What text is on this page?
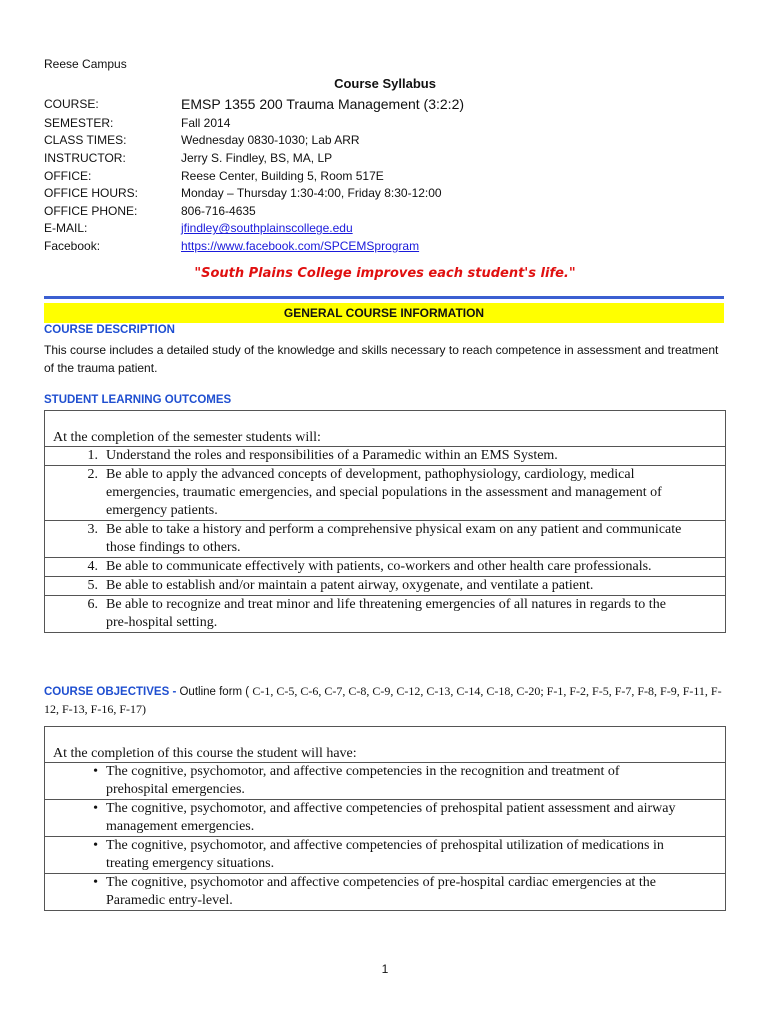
Reese Campus
Course Syllabus
COURSE:	EMSP 1355 200 Trauma Management (3:2:2)
SEMESTER:	Fall 2014
CLASS TIMES:	Wednesday 0830-1030; Lab ARR
INSTRUCTOR:	Jerry S. Findley, BS, MA, LP
OFFICE:	Reese Center, Building 5, Room 517E
OFFICE HOURS:	Monday – Thursday 1:30-4:00, Friday 8:30-12:00
OFFICE PHONE:	806-716-4635
E-MAIL:	jfindley@southplainscollege.edu
Facebook:	https://www.facebook.com/SPCEMSprogram
"South Plains College improves each student's life."
GENERAL COURSE INFORMATION
COURSE DESCRIPTION
This course includes a detailed study of the knowledge and skills necessary to reach competence in assessment and treatment of the trauma patient.
STUDENT LEARNING OUTCOMES
At the completion of the semester students will:
1. Understand the roles and responsibilities of a Paramedic within an EMS System.
2. Be able to apply the advanced concepts of development, pathophysiology, cardiology, medical emergencies, traumatic emergencies, and special populations in the assessment and management of emergency patients.
3. Be able to take a history and perform a comprehensive physical exam on any patient and communicate those findings to others.
4. Be able to communicate effectively with patients, co-workers and other health care professionals.
5. Be able to establish and/or maintain a patent airway, oxygenate, and ventilate a patient.
6. Be able to recognize and treat minor and life threatening emergencies of all natures in regards to the pre-hospital setting.
COURSE OBJECTIVES - Outline form ( C-1, C-5, C-6, C-7, C-8, C-9, C-12, C-13, C-14, C-18, C-20; F-1, F-2, F-5, F-7, F-8, F-9, F-11, F-12, F-13, F-16, F-17)
At the completion of this course the student will have:
• The cognitive, psychomotor, and affective competencies in the recognition and treatment of prehospital emergencies.
• The cognitive, psychomotor, and affective competencies of prehospital patient assessment and airway management emergencies.
• The cognitive, psychomotor, and affective competencies of prehospital utilization of medications in treating emergency situations.
• The cognitive, psychomotor and affective competencies of pre-hospital cardiac emergencies at the Paramedic entry-level.
1
